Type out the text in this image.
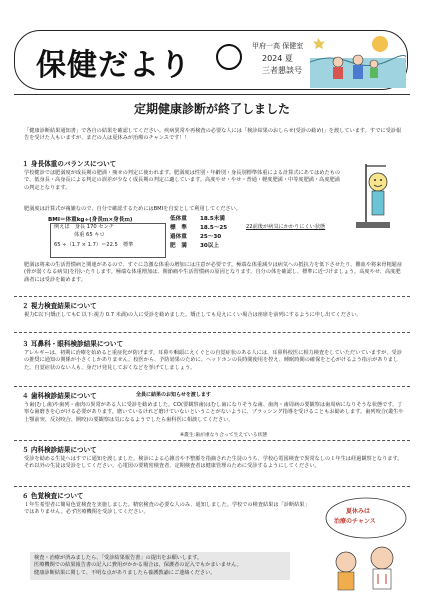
保健だより
甲府一高 保健室
2024 夏
三者懇談号
定期健康診断が終了しました
「健康診断結果通知書」で各自の結果を確認してください。疾病異常や再検査の必要な人には「検診結果のおしらせ(受診の勧め)」を渡しています。すでに受診報告を受けた人もいますが、まだの人は夏休みが治療のチャンスです！！
１ 身長体重のバランスについて
学校健診では肥満度が成長期の肥満・痩せの判定に使われます。肥満度は性別・年齢別・身長別標準体重による計算式にあてはめたもので、低身長・高身長による判定の誤差が少なく成長期の判定に適しています。高度やせ・やせ・普通・軽度肥満・中等度肥満・高度肥満の判定となります。
肥満度は計算式が複雑なので、自分で確認するためにはBMIを自安として利用してください。
BMI＝体重kg÷(身長ｍ×身長ｍ)
例えば　身長 170 センチ
体重 65 キロ
65 ÷（1.7 × 1.7）＝22.5　標準
低体重 18.5未満
標　準 18.5～25
過体重 25～30
肥　満 30以上
22前後が病気にかかりにくい状態
肥満は将来の生活習慣病と関連があるので、すぐに急激な体重の増加には注意が必要です。極端な体重減少は病気への抵抗力を低下させたり、難血や将来骨粗鬆症(骨が弱くなる病気)を招いたりします。極端な体重増加は、関節痛や生活習慣病の原因となります。自分の体を確認し、標準に近づけましょう。高度やせ、高度肥満者には受診を勧めます。
２ 視力検査結果について
視力C以下(矯正してもC 以下:視力 0.7 未満)の人に受診を勧めました。矯正しても見えにくい場合は座席を前列にするように申し出てください。
３ 耳鼻科・眼科検診結果について
アレルギーは、初期に治療を始めると重症化が防げます。耳鼻や咽頭にえくぐとの自覚症状のある人には、耳鼻科校医に相力検査をしていただいていますが、受診の推奨に通知の関係が小さくしかありません。校医から、予防効果のために、ヘッドホンの長時間使用を控え、睡眠時間の確保をと心がけるよう指示がありました。自覚症状のない人も、身だけ発見しておくなどを挙げてしましょう。
４ 歯科検診結果について	全員に結果のお知らせを渡します
う歯(むし歯)や歯列・歯肉の異常がある人に受診を勧めました。CO(要観察歯)はむし歯になりそうな歯、歯肉・歯周病の要観察は歯周病になりそうな状態です。丁寧な歯磨きを心がける必要があります。磨いているけれど磨けていないということがないように、ブラッシング指導を受けることもお勧めします。歯列咬合(叢生や上顎前突、反対咬合、開咬)の要観察は気になるようでしたら歯科医に相談してください。
※叢生:歯が重なり合って生えている状態
５ 内科検診結果について
受診を勧める生徒へはすでに通知を渡しました。検診による心雑音や不整脈を指摘された生徒のうち、学校心電図検査で異常なしの１年生は経過観察となります。それ以外の生徒は受診をしてください。心電図の要精密検査者、定期検査者は健康管理のために受診するようにしてください。
６ 色覚検査について
１年生希望者に簡易色覚検査を実施しました。精密検査の必要な人のみ、通知しました。学校での検査結果は「診断結果」ではありません。必ず医療機関を受診してください。	夏休みは
治療のチャンス
検査・治療が済みましたら、「受診結果報告書」の提出をお願いします。
医療機関での結果報告書の記入に費用がかかる場合は、保護者の記入でもかまいません。
健康診断結果に関して、不明な点がありましたら養護教諭にご連絡ください。
